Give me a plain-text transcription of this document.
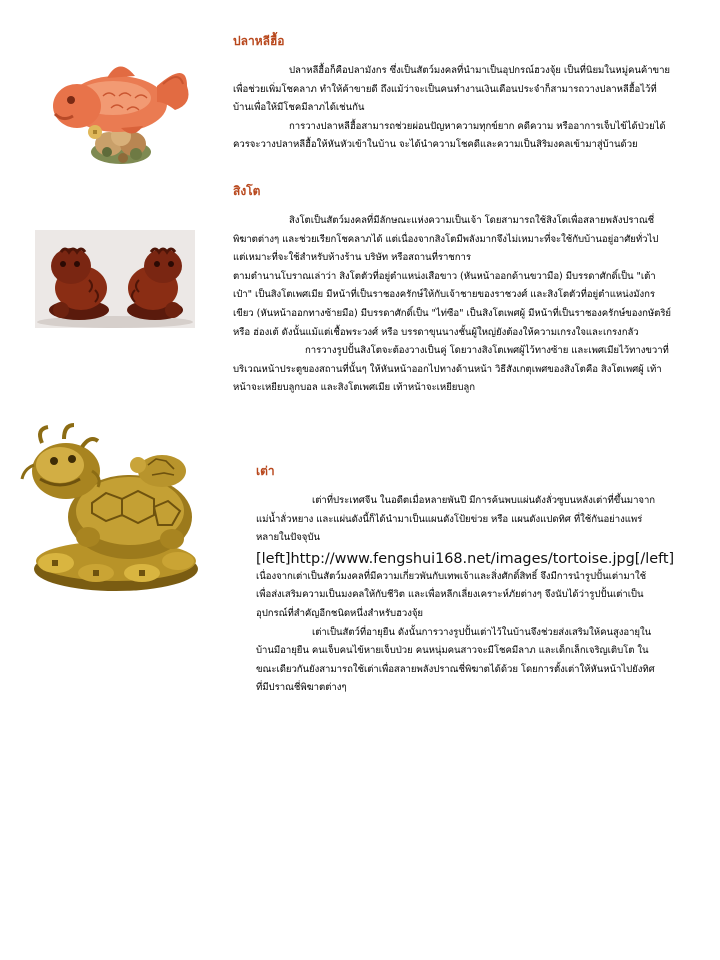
ปลาหลีฮื้อ

ปลาหลีฮื้อก็คือปลามังกร ซึ่งเป็นสัตว์มงคลที่นำมาเป็นอุปกรณ์ฮวงจุ้ย เป็นที่นิยมในหมู่คนค้าขาย เพื่อช่วยเพิ่มโชคลาภ ทำให้ค้าขายดี ถึงแม้ว่าจะเป็นคนทำงานเงินเดือนประจำก็สามารถวางปลาหลีฮื้อไว้ที่บ้านเพื่อให้มีโชคมีลาภได้เช่นกัน

การวางปลาหลีฮื้อสามารถช่วยผ่อนปัญหาความทุกข์ยาก คดีความ หรืออาการเจ็บไข้ได้ป่วยได้ ควรจะวางปลาหลีฮื้อให้หันหัวเข้าในบ้าน จะได้นำความโชคดีและความเป็นสิริมงคลเข้ามาสู่บ้านด้วย

สิงโต

สิงโตเป็นสัตว์มงคลที่มีลักษณะแห่งความเป็นเจ้า โดยสามารถใช้สิงโตเพื่อสลายพลังปราณชี่พิฆาตต่างๆ และช่วยเรียกโชคลาภได้ แต่เนื่องจากสิงโตมีพลังมากจึงไม่เหมาะที่จะใช้กับบ้านอยู่อาศัยทั่วไป แต่เหมาะที่จะใช้สำหรับห้างร้าน บริษัท หรือสถานที่ราชการ

ตามตำนานโบราณเล่าว่า สิงโตตัวที่อยู่ตำแหน่งเสือขาว (หันหน้าออกด้านขวามือ) มีบรรดาศักดิ์เป็น "เต้าเป๋า" เป็นสิงโตเพศเมีย มีหน้าที่เป็นราชองครักษ์ให้กับเจ้าชายของราชวงศ์ และสิงโตตัวที่อยู่ตำแหน่งมังกรเขียว (หันหน้าออกทางซ้ายมือ) มีบรรดาศักดิ์เป็น "ไท่ซือ" เป็นสิงโตเพศผู้ มีหน้าที่เป็นราชองครักษ์ของกษัตริย์ หรือ ฮ่องเต้ ดังนั้นแม้แต่เชื้อพระวงศ์ หรือ บรรดาขุนนางชั้นผู้ใหญ่ยังต้องให้ความเกรงใจและเกรงกลัว

การวางรูปปั้นสิงโตจะต้องวางเป็นคู่ โดยวางสิงโตเพศผู้ไว้ทางซ้าย และเพศเมียไว้ทางขวาที่บริเวณหน้าประตูของสถานที่นั้นๆ ให้หันหน้าออกไปทางด้านหน้า วิธีสังเกตุเพศของสิงโตคือ สิงโตเพศผู้ เท้าหน้าจะเหยียบลูกบอล และสิงโตเพศเมีย เท้าหน้าจะเหยียบลูก

เต่า

เต่าที่ประเทศจีน ในอดีตเมื่อหลายพันปี มีการค้นพบแผ่นดังลั่วซูบนหลังเต่าที่ขึ้นมาจากแม่น้ำลั่วหยาง และแผ่นดังนี้ก็ได้นำมาเป็นแผนดังโป้ยข่วย หรือ แผนดังแปดทิศ ที่ใช้กันอย่างแพร่หลายในปัจจุบัน

[left]http://www.fengshui168.net/images/tortoise.jpg[/left]

เนื่องจากเต่าเป็นสัตว์มงคลที่มีความเกี่ยวพันกับเทพเจ้าและสิ่งศักดิ์สิทธิ์ จึงมีการนำรูปปั้นเต่ามาใช้เพื่อส่งเสริมความเป็นมงคลให้กับชีวิต และเพื่อหลีกเลี่ยงเคราะห์ภัยต่างๆ จึงนับได้ว่ารูปปั้นเต่าเป็นอุปกรณ์ที่สำคัญอีกชนิดหนึ่งสำหรับฮวงจุ้ย

เต่าเป็นสัตว์ที่อายุยืน ดังนั้นการวางรูปปั้นเต่าไว้ในบ้านจึงช่วยส่งเสริมให้คนสูงอายุในบ้านมีอายุยืน คนเจ็บคนไข้หายเจ็บป่วย คนหนุ่มคนสาวจะมีโชคมีลาภ และเด็กเล็กเจริญเติบโต ในขณะเดียวกันยังสามารถใช้เต่าเพื่อสลายพลังปราณชี่พิฆาตได้ด้วย โดยการตั้งเต่าให้หันหน้าไปยังทิศที่มีปราณชี่พิฆาตต่างๆ
